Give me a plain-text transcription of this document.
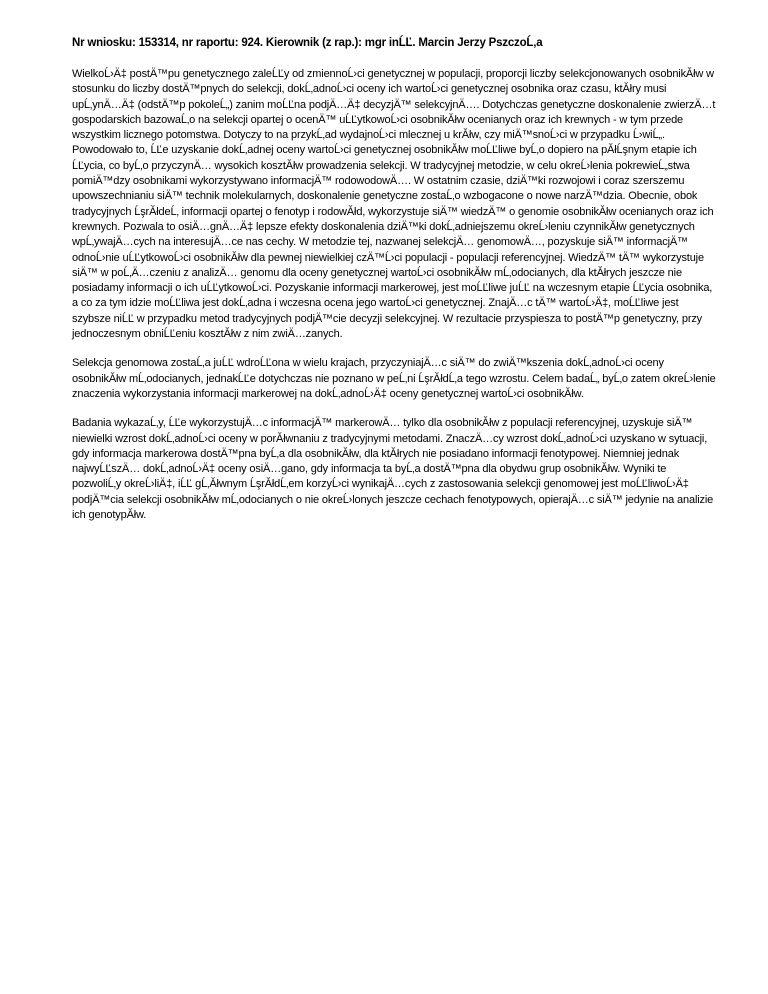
Nr wniosku: 153314, nr raportu: 924. Kierownik (z rap.): mgr inĹĽ. Marcin Jerzy PszczoĹ‚a

WielkoĹ›Ä‡ postÄ™pu genetycznego zaleĹĽy od zmiennoĹ›ci genetycznej w populacji, proporcji liczby selekcjonowanych osobnikĂłw w stosunku do liczby dostÄ™pnych do selekcji, dokĹ‚adnoĹ›ci oceny ich wartoĹ›ci genetycznej osobnika oraz czasu, ktĂłry musi upĹ‚ynÄ…Ä‡ (odstÄ™p pokoleĹ„) zanim moĹĽna podjÄ…Ä‡ decyzjÄ™ selekcyjnÄ…. Dotychczas genetyczne doskonalenie zwierzÄ…t gospodarskich bazowaĹ‚o na selekcji opartej o ocenÄ™ uĹĽytkowoĹ›ci osobnikĂłw ocenianych oraz ich krewnych - w tym przede wszystkim licznego potomstwa. Dotyczy to na przykĹ‚ad wydajnoĹ›ci mlecznej u krĂłw, czy miÄ™snoĹ›ci w przypadku Ĺ›wiĹ„. Powodowało to, ĹĽe uzyskanie dokĹ‚adnej oceny wartoĹ›ci genetycznej osobnikĂłw moĹĽliwe byĹ‚o dopiero na pĂłĹşnym etapie ich ĹĽycia, co byĹ‚o przyczynÄ… wysokich kosztĂłw prowadzenia selekcji. W tradycyjnej metodzie, w celu okreĹ›lenia pokrewieĹ„stwa pomiÄ™dzy osobnikami wykorzystywano informacjÄ™ rodowodowÄ…. W ostatnim czasie, dziÄ™ki rozwojowi i coraz szerszemu upowszechnianiu siÄ™ technik molekularnych, doskonalenie genetyczne zostaĹ‚o wzbogacone o nowe narzÄ™dzia. Obecnie, obok tradycyjnych ĹşrĂłdeĹ‚ informacji opartej o fenotyp i rodowĂłd, wykorzystuje siÄ™ wiedzÄ™ o genomie osobnikĂłw ocenianych oraz ich krewnych. Pozwala to osiÄ…gnÄ…Ä‡ lepsze efekty doskonalenia dziÄ™ki dokĹ‚adniejszemu okreĹ›leniu czynnikĂłw genetycznych wpĹ‚ywajÄ…cych na interesujÄ…ce nas cechy. W metodzie tej, nazwanej selekcjÄ… genomowÄ…, pozyskuje siÄ™ informacjÄ™ odnoĹ›nie uĹĽytkowoĹ›ci osobnikĂłw dla pewnej niewielkiej czÄ™Ĺ›ci populacji - populacji referencyjnej. WiedzÄ™ tÄ™ wykorzystuje siÄ™ w poĹ‚Ä…czeniu z analizÄ… genomu dla oceny genetycznej wartoĹ›ci osobnikĂłw mĹ‚odocianych, dla ktĂłrych jeszcze nie posiadamy informacji o ich uĹĽytkowoĹ›ci. Pozyskanie informacji markerowej, jest moĹĽliwe juĹĽ na wczesnym etapie ĹĽycia osobnika, a co za tym idzie moĹĽliwa jest dokĹ‚adna i wczesna ocena jego wartoĹ›ci genetycznej. ZnajÄ…c tÄ™ wartoĹ›Ä‡, moĹĽliwe jest szybsze niĹĽ w przypadku metod tradycyjnych podjÄ™cie decyzji selekcyjnej. W rezultacie przyspiesza to postÄ™p genetyczny, przy jednoczesnym obniĹĽeniu kosztĂłw z nim zwiÄ…zanych.

Selekcja genomowa zostaĹ‚a juĹĽ wdroĹĽona w wielu krajach, przyczyniajÄ…c siÄ™ do zwiÄ™kszenia dokĹ‚adnoĹ›ci oceny osobnikĂłw mĹ‚odocianych, jednakĹĽe dotychczas nie poznano w peĹ‚ni ĹşrĂłdĹ‚a tego wzrostu. Celem badaĹ„ byĹ‚o zatem okreĹ›lenie znaczenia wykorzystania informacji markerowej na dokĹ‚adnoĹ›Ä‡ oceny genetycznej wartoĹ›ci osobnikĂłw.

Badania wykazaĹ‚y, ĹĽe wykorzystujÄ…c informacjÄ™ markerowÄ… tylko dla osobnikĂłw z populacji referencyjnej, uzyskuje siÄ™ niewielki wzrost dokĹ‚adnoĹ›ci oceny w porĂłwnaniu z tradycyjnymi metodami. ZnaczÄ…cy wzrost dokĹ‚adnoĹ›ci uzyskano w sytuacji, gdy informacja markerowa dostÄ™pna byĹ‚a dla osobnikĂłw, dla ktĂłrych nie posiadano informacji fenotypowej. Niemniej jednak najwyĹĽszÄ… dokĹ‚adnoĹ›Ä‡ oceny osiÄ…gano, gdy informacja ta byĹ‚a dostÄ™pna dla obydwu grup osobnikĂłw. Wyniki te pozwoliĹ‚y okreĹ›liÄ‡, iĹĽ gĹ‚Ăłwnym ĹşrĂłdĹ‚em korzyĹ›ci wynikajÄ…cych z zastosowania selekcji genomowej jest moĹĽliwoĹ›Ä‡ podjÄ™cia selekcji osobnikĂłw mĹ‚odocianych o nie okreĹ›lonych jeszcze cechach fenotypowych, opierajÄ…c siÄ™ jedynie na analizie ich genotypĂłw.
